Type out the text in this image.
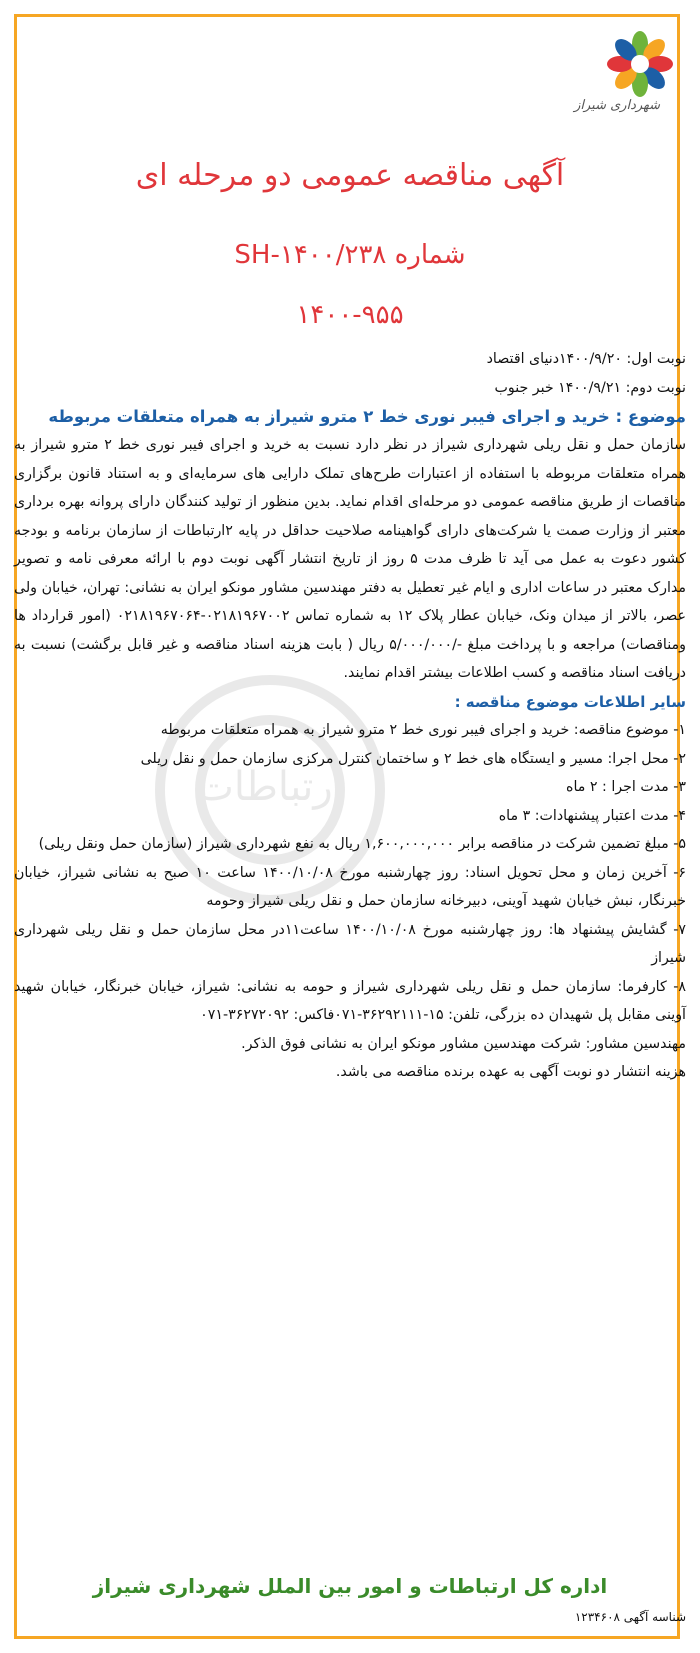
شهرداری شیراز
آگهی مناقصه عمومی دو مرحله ای
شماره ۱۴۰۰/۲۳۸-SH
۱۴۰۰-۹۵۵
ارتباطات

نوبت اول: ۱۴۰۰/۹/۲۰دنیای اقتصاد

نوبت دوم: ۱۴۰۰/۹/۲۱ خبر جنوب

موضوع : خرید و اجرای فیبر نوری خط ۲ مترو شیراز به همراه متعلقات مربوطه

سازمان حمل و نقل ریلی شهرداری شیراز در نظر دارد نسبت به خرید و اجرای فیبر نوری خط ۲ مترو شیراز به همراه متعلقات مربوطه با استفاده از اعتبارات طرح‌های تملک دارایی های سرمایه‌ای و به استناد قانون برگزاری مناقصات از طریق مناقصه عمومی دو مرحله‌ای اقدام نماید. بدین منظور از تولید کنندگان دارای پروانه بهره برداری معتبر از وزارت صمت یا شرکت‌های دارای گواهینامه صلاحیت حداقل در پایه ۲ارتباطات از سازمان برنامه و بودجه کشور دعوت به عمل می آید تا ظرف مدت ۵ روز از تاریخ انتشار آگهی نوبت دوم با ارائه معرفی نامه و تصویر مدارک معتبر در ساعات اداری و ایام غیر تعطیل به دفتر مهندسین مشاور مونکو ایران به نشانی: تهران، خیابان ولی عصر، بالاتر از میدان ونک، خیابان عطار پلاک ۱۲ به شماره تماس ۰۲۱۸۱۹۶۷۰۰۲-۰۲۱۸۱۹۶۷۰۶۴ (امور قرارداد ها ومناقصات) مراجعه و با پرداخت مبلغ -/۵/۰۰۰/۰۰۰ ریال ( بابت هزینه اسناد مناقصه و غیر قابل برگشت) نسبت به دریافت اسناد مناقصه و کسب اطلاعات بیشتر اقدام نمایند.

سایر اطلاعات موضوع مناقصه :

۱- موضوع مناقصه: خرید و اجرای فیبر نوری خط ۲ مترو شیراز به همراه متعلقات مربوطه

۲- محل اجرا: مسیر و ایستگاه های خط ۲ و ساختمان کنترل مرکزی سازمان حمل و نقل ریلی

۳- مدت اجرا : ۲ ماه

۴- مدت اعتبار پیشنهادات: ۳ ماه

۵- مبلغ تضمین شرکت در مناقصه برابر ۱,۶۰۰,۰۰۰,۰۰۰ ریال به نفع شهرداری شیراز (سازمان حمل ونقل ریلی)

۶- آخرین زمان و محل تحویل اسناد: روز چهارشنبه مورخ ۱۴۰۰/۱۰/۰۸ ساعت ۱۰ صبح به نشانی شیراز، خیابان خبرنگار، نبش خیابان شهید آوینی، دبیرخانه سازمان حمل و نقل ریلی شیراز وحومه

۷- گشایش پیشنهاد ها: روز چهارشنبه مورخ ۱۴۰۰/۱۰/۰۸ ساعت۱۱در محل سازمان حمل و نقل ریلی شهرداری شیراز

۸- کارفرما: سازمان حمل و نقل ریلی شهرداری شیراز و حومه به نشانی: شیراز، خیابان خبرنگار، خیابان شهید آوینی مقابل پل شهیدان ده بزرگی، تلفن: ۱۵-۳۶۲۹۲۱۱۱-۰۷۱فاکس: ۳۶۲۷۲۰۹۲-۰۷۱

مهندسین مشاور: شرکت مهندسین مشاور مونکو ایران به نشانی فوق الذکر.

هزینه انتشار دو نوبت آگهی به عهده برنده مناقصه می باشد.

اداره کل ارتباطات و امور بین الملل شهرداری شیراز
شناسه آگهی ۱۲۳۴۶۰۸
